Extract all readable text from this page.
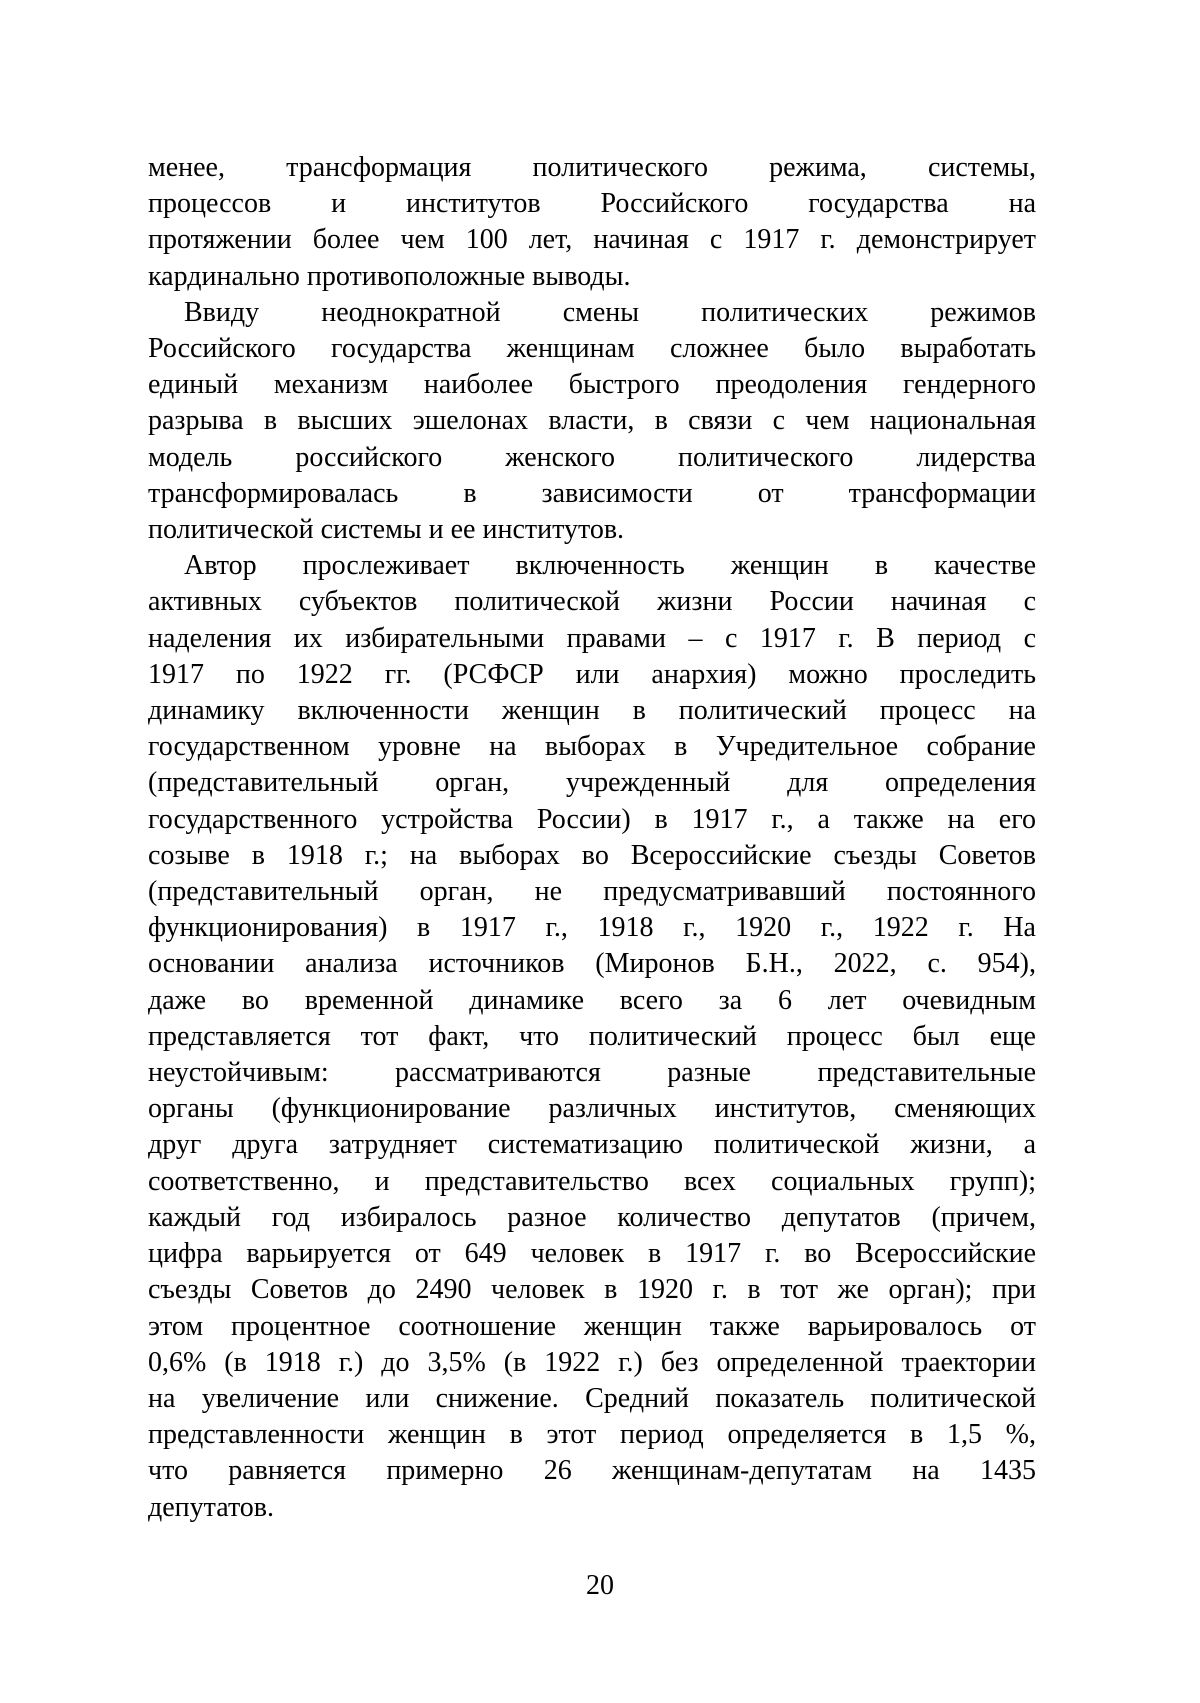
менее, трансформация политического режима, системы,
процессов и институтов Российского государства на
протяжении более чем 100 лет, начиная с 1917 г. демонстрирует
кардинально противоположные выводы.
Ввиду неоднократной смены политических режимов
Российского государства женщинам сложнее было выработать
единый механизм наиболее быстрого преодоления гендерного
разрыва в высших эшелонах власти, в связи с чем национальная
модель российского женского политического лидерства
трансформировалась в зависимости от трансформации
политической системы и ее институтов.
Автор прослеживает включенность женщин в качестве
активных субъектов политической жизни России начиная с
наделения их избирательными правами – с 1917 г. В период с
1917 по 1922 гг. (РСФСР или анархия) можно проследить
динамику включенности женщин в политический процесс на
государственном уровне на выборах в Учредительное собрание
(представительный орган, учрежденный для определения
государственного устройства России) в 1917 г., а также на его
созыве в 1918 г.; на выборах во Всероссийские съезды Советов
(представительный орган, не предусматривавший постоянного
функционирования) в 1917 г., 1918 г., 1920 г., 1922 г. На
основании анализа источников (Миронов Б.Н., 2022, с. 954),
даже во временной динамике всего за 6 лет очевидным
представляется тот факт, что политический процесс был еще
неустойчивым: рассматриваются разные представительные
органы (функционирование различных институтов, сменяющих
друг друга затрудняет систематизацию политической жизни, а
соответственно, и представительство всех социальных групп);
каждый год избиралось разное количество депутатов (причем,
цифра варьируется от 649 человек в 1917 г. во Всероссийские
съезды Советов до 2490 человек в 1920 г. в тот же орган); при
этом процентное соотношение женщин также варьировалось от
0,6% (в 1918 г.) до 3,5% (в 1922 г.) без определенной траектории
на увеличение или снижение. Средний показатель политической
представленности женщин в этот период определяется в 1,5 %,
что равняется примерно 26 женщинам-депутатам на 1435
депутатов.
20
